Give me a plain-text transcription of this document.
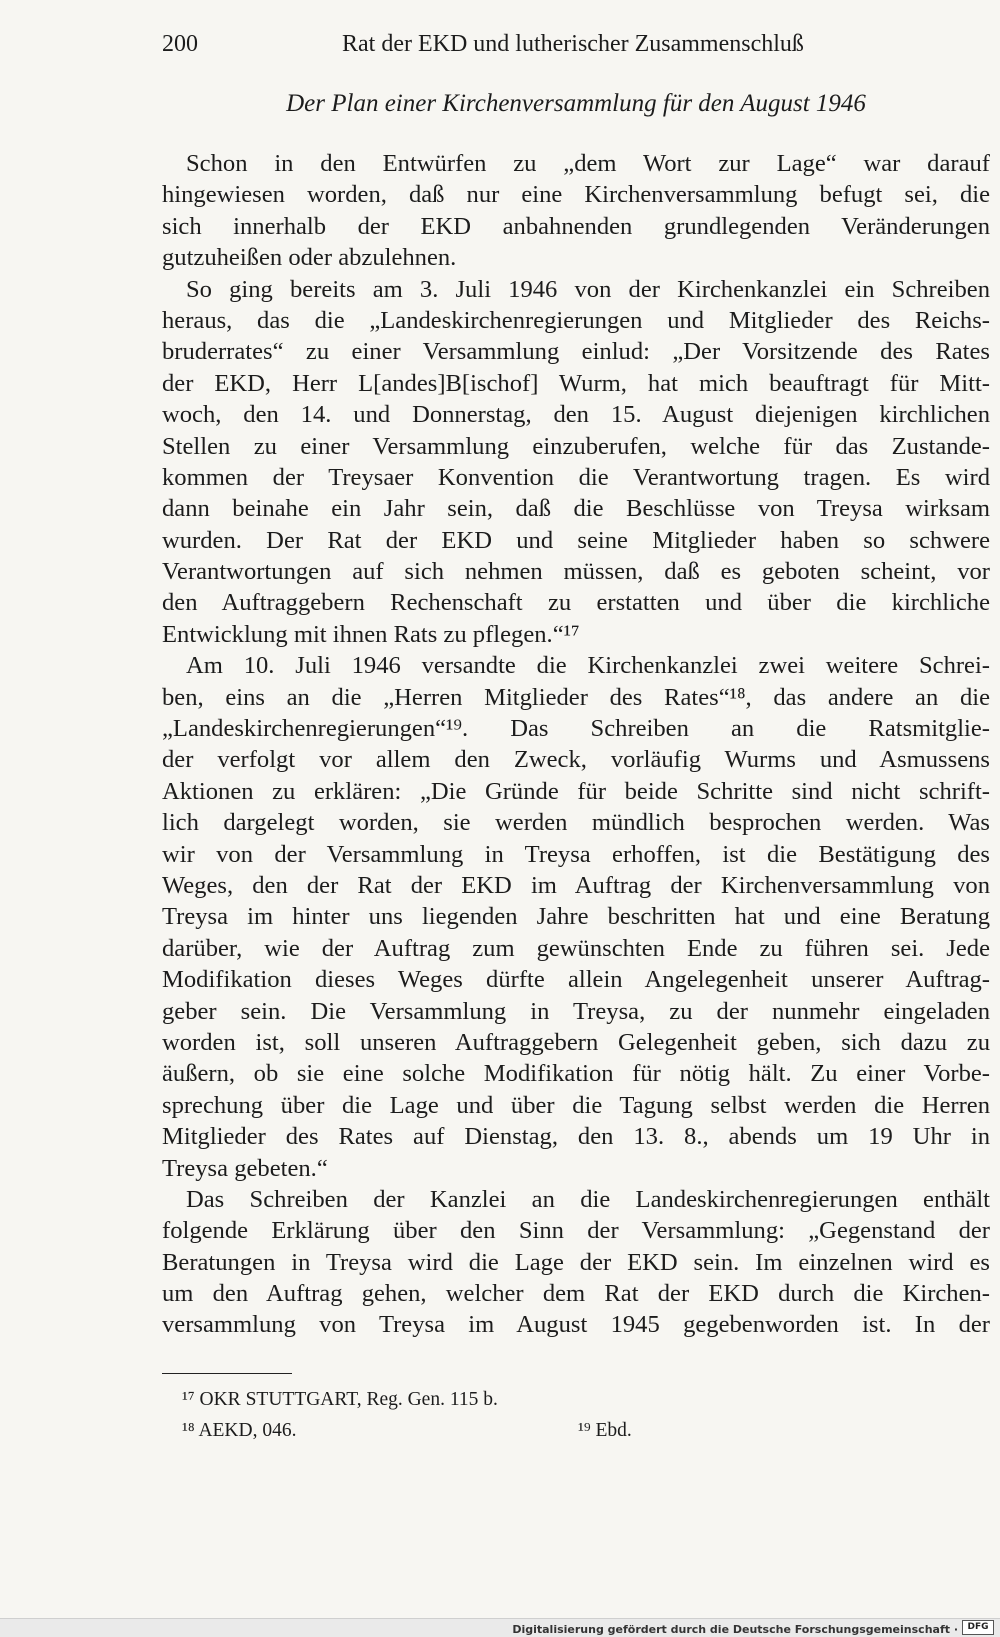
200	Rat der EKD und lutherischer Zusammenschluß
Der Plan einer Kirchenversammlung für den August 1946
Schon in den Entwürfen zu „dem Wort zur Lage“ war darauf
hingewiesen worden, daß nur eine Kirchenversammlung befugt sei, die
sich innerhalb der EKD anbahnenden grundlegenden Veränderungen
gutzuheißen oder abzulehnen.
So ging bereits am 3. Juli 1946 von der Kirchenkanzlei ein Schreiben
heraus, das die „Landeskirchenregierungen und Mitglieder des Reichs-
bruderrates“ zu einer Versammlung einlud: „Der Vorsitzende des Rates
der EKD, Herr L[andes]B[ischof] Wurm, hat mich beauftragt für Mitt-
woch, den 14. und Donnerstag, den 15. August diejenigen kirchlichen
Stellen zu einer Versammlung einzuberufen, welche für das Zustande-
kommen der Treysaer Konvention die Verantwortung tragen. Es wird
dann beinahe ein Jahr sein, daß die Beschlüsse von Treysa wirksam
wurden. Der Rat der EKD und seine Mitglieder haben so schwere
Verantwortungen auf sich nehmen müssen, daß es geboten scheint, vor
den Auftraggebern Rechenschaft zu erstatten und über die kirchliche
Entwicklung mit ihnen Rats zu pflegen.“¹⁷
Am 10. Juli 1946 versandte die Kirchenkanzlei zwei weitere Schrei-
ben, eins an die „Herren Mitglieder des Rates“¹⁸, das andere an die
„Landeskirchenregierungen“¹⁹. Das Schreiben an die Ratsmitglie-
der verfolgt vor allem den Zweck, vorläufig Wurms und Asmussens
Aktionen zu erklären: „Die Gründe für beide Schritte sind nicht schrift-
lich dargelegt worden, sie werden mündlich besprochen werden. Was
wir von der Versammlung in Treysa erhoffen, ist die Bestätigung des
Weges, den der Rat der EKD im Auftrag der Kirchenversammlung von
Treysa im hinter uns liegenden Jahre beschritten hat und eine Beratung
darüber, wie der Auftrag zum gewünschten Ende zu führen sei. Jede
Modifikation dieses Weges dürfte allein Angelegenheit unserer Auftrag-
geber sein. Die Versammlung in Treysa, zu der nunmehr eingeladen
worden ist, soll unseren Auftraggebern Gelegenheit geben, sich dazu zu
äußern, ob sie eine solche Modifikation für nötig hält. Zu einer Vorbe-
sprechung über die Lage und über die Tagung selbst werden die Herren
Mitglieder des Rates auf Dienstag, den 13. 8., abends um 19 Uhr in
Treysa gebeten.“
Das Schreiben der Kanzlei an die Landeskirchenregierungen enthält
folgende Erklärung über den Sinn der Versammlung: „Gegenstand der
Beratungen in Treysa wird die Lage der EKD sein. Im einzelnen wird es
um den Auftrag gehen, welcher dem Rat der EKD durch die Kirchen-
versammlung von Treysa im August 1945 gegebenworden ist. In der
¹⁷ OKR STUTTGART, Reg. Gen. 115 b.
¹⁸ AEKD, 046.	¹⁹ Ebd.
Digitalisierung gefördert durch die Deutsche Forschungsgemeinschaft ·	DFG
